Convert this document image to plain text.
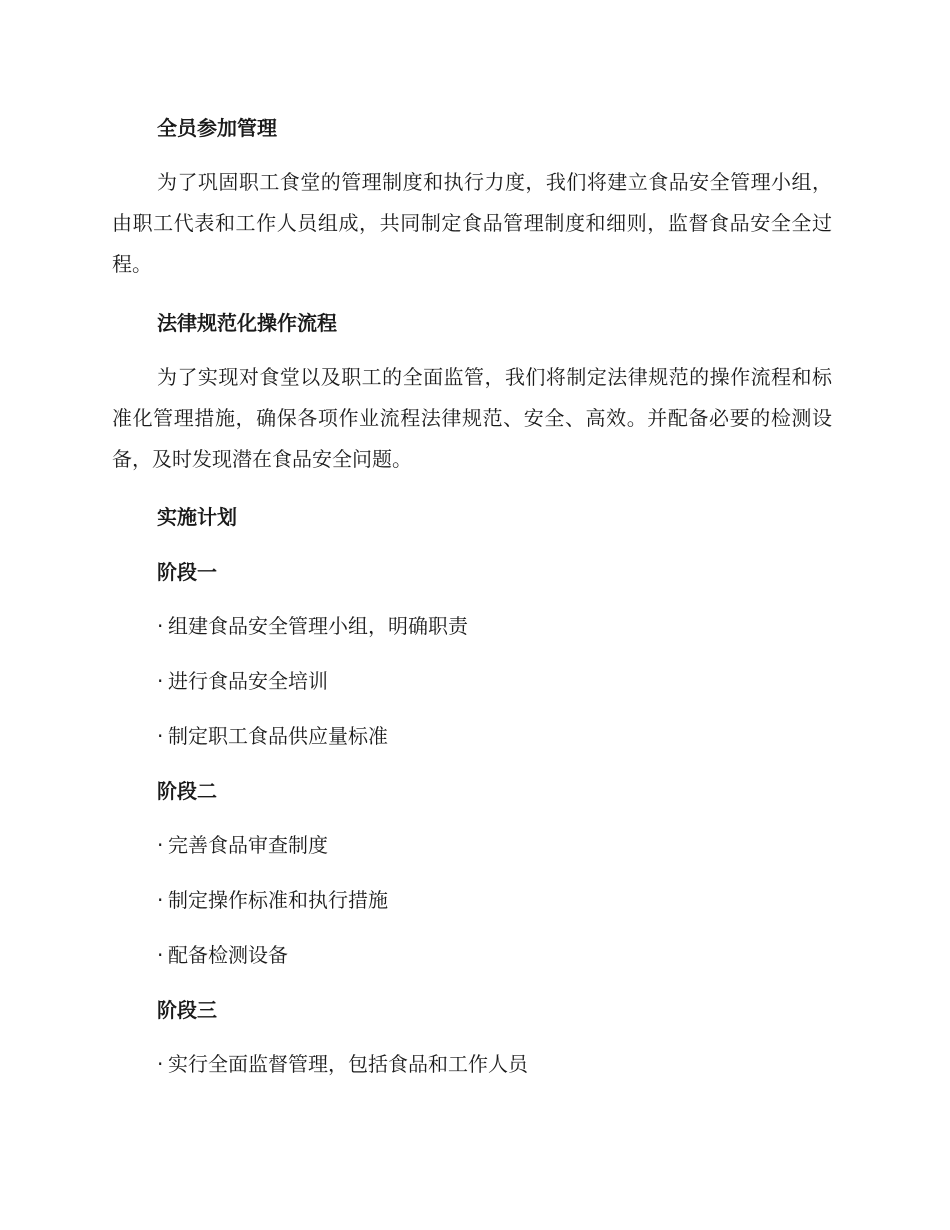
全员参加管理

为了巩固职工食堂的管理制度和执行力度，我们将建立食品安全管理小组，由职工代表和工作人员组成，共同制定食品管理制度和细则，监督食品安全全过程。

法律规范化操作流程

为了实现对食堂以及职工的全面监管，我们将制定法律规范的操作流程和标准化管理措施，确保各项作业流程法律规范、安全、高效。并配备必要的检测设备，及时发现潜在食品安全问题。

实施计划
阶段一
· 组建食品安全管理小组，明确职责
· 进行食品安全培训
· 制定职工食品供应量标准
阶段二
· 完善食品审查制度
· 制定操作标准和执行措施
· 配备检测设备
阶段三
· 实行全面监督管理，包括食品和工作人员
